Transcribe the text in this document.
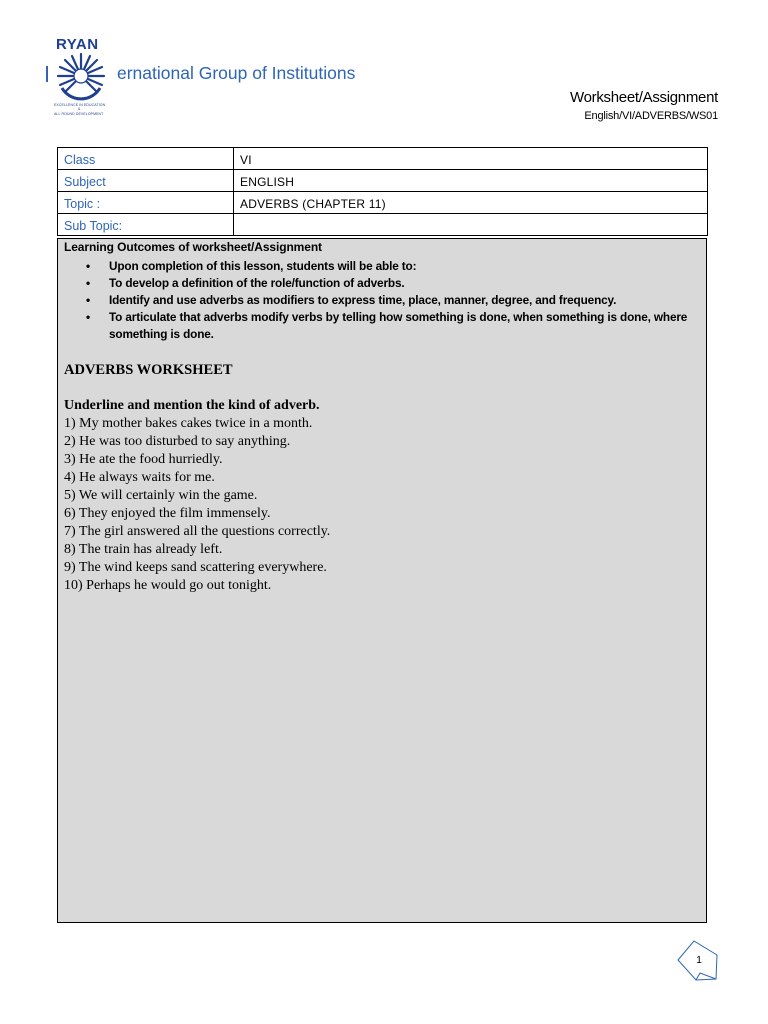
RYAN
EXCELLENCE IN EDUCATION
&
ALL ROUND DEVELOPMENT
ernational Group of Institutions
Worksheet/Assignment
English/VI/ADVERBS/WS01
Class	VI
Subject	ENGLISH
Topic :	ADVERBS (CHAPTER 11)
Sub Topic:	
Learning Outcomes of worksheet/Assignment
• Upon completion of this lesson, students will be able to:
• To develop a definition of the role/function of adverbs.
• Identify and use adverbs as modifiers to express time, place, manner, degree, and frequency.
• To articulate that adverbs modify verbs by telling how something is done, when something is done, where something is done.
ADVERBS WORKSHEET
Underline and mention the kind of adverb.
1) My mother bakes cakes twice in a month.
2) He was too disturbed to say anything.
3) He ate the food hurriedly.
4) He always waits for me.
5) We will certainly win the game.
6) They enjoyed the film immensely.
7) The girl answered all the questions correctly.
8) The train has already left.
9) The wind keeps sand scattering everywhere.
10) Perhaps he would go out tonight.
1
